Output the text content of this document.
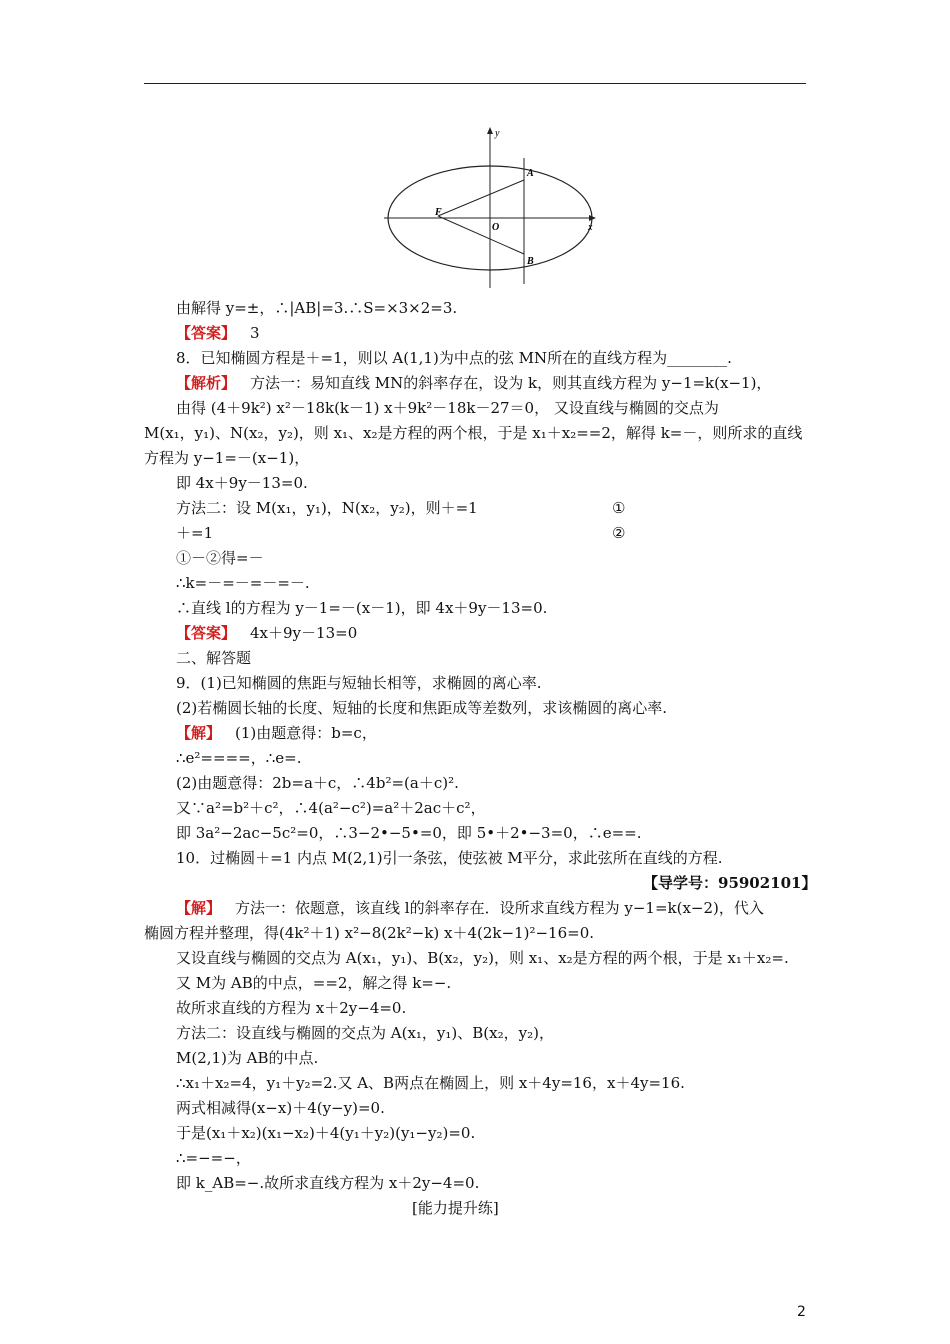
y
x
A
B
F
O
由解得 y=±，∴|AB|=3.∴S=×3×2=3.
【答案】 3
8．已知椭圆方程是＋=1，则以 A(1,1)为中点的弦 MN所在的直线方程为________.
【解析】 方法一：易知直线 MN的斜率存在，设为 k，则其直线方程为 y−1=k(x−1)，
由得 (4＋9k²) x²－18k(k－1) x＋9k²－18k－27＝0， 又设直线与椭圆的交点为
M(x₁，y₁)、N(x₂，y₂)，则 x₁、x₂是方程的两个根，于是 x₁＋x₂==2，解得 k=－，则所求的直线
方程为 y−1=－(x−1)，
即 4x＋9y－13=0.
方法二：设 M(x₁，y₁)，N(x₂，y₂)，则＋=1	①
＋=1	②
①－②得=－
∴k=－=－=－=－.
∴直线 l的方程为 y－1=－(x－1)，即 4x＋9y－13=0.
【答案】 4x＋9y－13=0
二、解答题
9．(1)已知椭圆的焦距与短轴长相等，求椭圆的离心率.
(2)若椭圆长轴的长度、短轴的长度和焦距成等差数列，求该椭圆的离心率.
【解】 (1)由题意得：b=c，
∴e²====，∴e=.
(2)由题意得：2b=a＋c，∴4b²=(a＋c)².
又∵a²=b²＋c²，∴4(a²−c²)=a²＋2ac＋c²，
即 3a²−2ac−5c²=0，∴3−2•−5•=0，即 5•＋2•−3=0，∴e==.
10．过椭圆＋=1 内点 M(2,1)引一条弦，使弦被 M平分，求此弦所在直线的方程.
【导学号：95902101】
【解】 方法一：依题意，该直线 l的斜率存在．设所求直线方程为 y−1=k(x−2)，代入
椭圆方程并整理，得(4k²＋1) x²−8(2k²−k) x＋4(2k−1)²−16=0.
又设直线与椭圆的交点为 A(x₁，y₁)、B(x₂，y₂)，则 x₁、x₂是方程的两个根，于是 x₁＋x₂=.
又 M为 AB的中点，==2，解之得 k=−.
故所求直线的方程为 x＋2y−4=0.
方法二：设直线与椭圆的交点为 A(x₁，y₁)、B(x₂，y₂)，
M(2,1)为 AB的中点.
∴x₁＋x₂=4，y₁＋y₂=2.又 A、B两点在椭圆上，则 x＋4y=16，x＋4y=16.
两式相减得(x−x)＋4(y−y)=0.
于是(x₁＋x₂)(x₁−x₂)＋4(y₁＋y₂)(y₁−y₂)=0.
∴=−=−，
即 k_AB=−.故所求直线方程为 x＋2y−4=0.
[能力提升练]
2
